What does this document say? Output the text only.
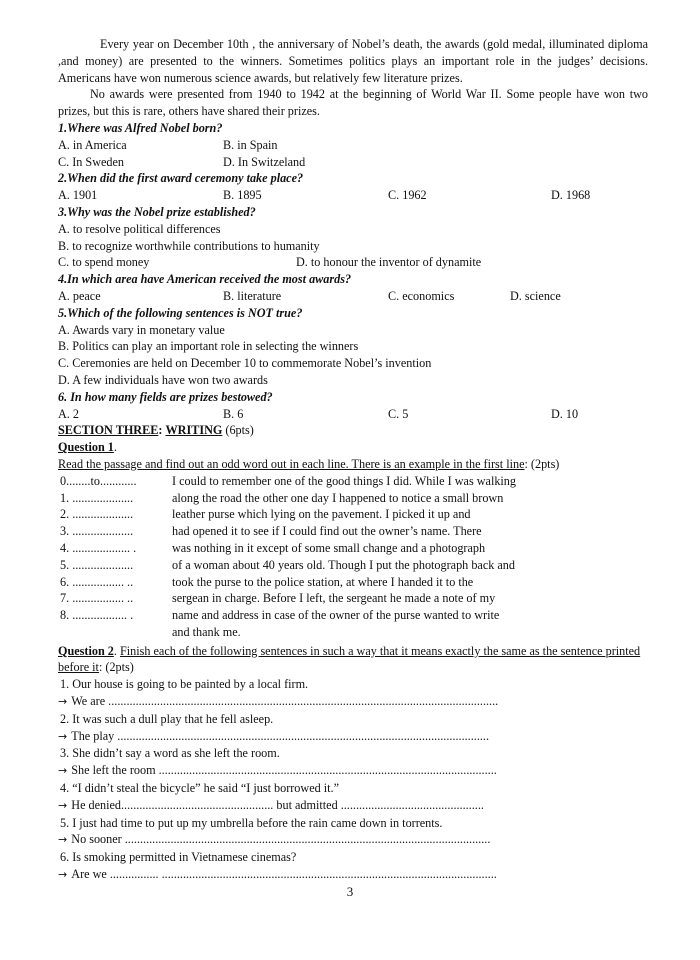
Every year on December 10th , the anniversary of Nobel’s death, the awards (gold medal, illuminated diploma ,and money) are presented to the winners. Sometimes politics plays an important role in the judges’ decisions. Americans have won numerous science awards, but relatively few literature prizes.

No awards were presented from 1940 to 1942 at the beginning of World War II. Some people have won two prizes, but this is rare, others have shared their prizes.

1.Where was Alfred Nobel born?

A. in America	B. in Spain
C. In Sweden	D. In Switzeland

2.When did the first award ceremony take place?

A. 1901	B. 1895	C. 1962	D. 1968

3.Why was the Nobel prize established?

A. to resolve political differences

B. to recognize worthwhile contributions to humanity

C. to spend money	D. to honour the inventor of dynamite

4.In which area have American received the most awards?

A. peace	B. literature	C. economics	D. science

5.Which of the following sentences is NOT true?

A. Awards vary in monetary value

B. Politics can play an important role in selecting the winners

C. Ceremonies are held on December 10 to commemorate Nobel’s invention

D. A few individuals have won two awards

6. In how many fields are prizes bestowed?

A. 2	B. 6	C. 5	D. 10

SECTION THREE: WRITING (6pts)

Question 1.

Read the passage and find out an odd word out in each line. There is an example in the first line: (2pts)

0........to............	I could to remember one of the good things I did. While I was walking
1. ....................	along the road the other one day I happened to notice a small brown
2. ....................	leather purse which lying on the pavement. I picked it up and
3. ....................	had opened it to see if I could find out the owner’s name. There
4. ................... .	was nothing in it except of some small change and a photograph
5. ....................	of a woman about 40 years old. Though I put the photograph back and
6. ................. ..	took the purse to the police station, at where I handed it to the
7. ................. ..	sergean in charge. Before I left, the sergeant he made a note of my
8. .................. .	name and address in case of the owner of the purse wanted to write
and thank me.

Question 2. Finish each of the following sentences in such a way that it means exactly the same as the sentence printed before it: (2pts)

1. Our house is going to be painted by a local firm.

→ We are ................................................................................................................................

2. It was such a dull play that he fell asleep.

→ The play ..........................................................................................................................

3. She didn’t say a word as she left the room.

→ She left the room ...............................................................................................................

4. “I didn’t steal the bicycle” he said “I just borrowed it.”

→ He denied.................................................. but admitted ...............................................

5. I just had time to put up my umbrella before the rain came down in torrents.

→ No sooner ........................................................................................................................

6. Is smoking permitted in Vietnamese cinemas?

→ Are we ................ ..............................................................................................................

3
